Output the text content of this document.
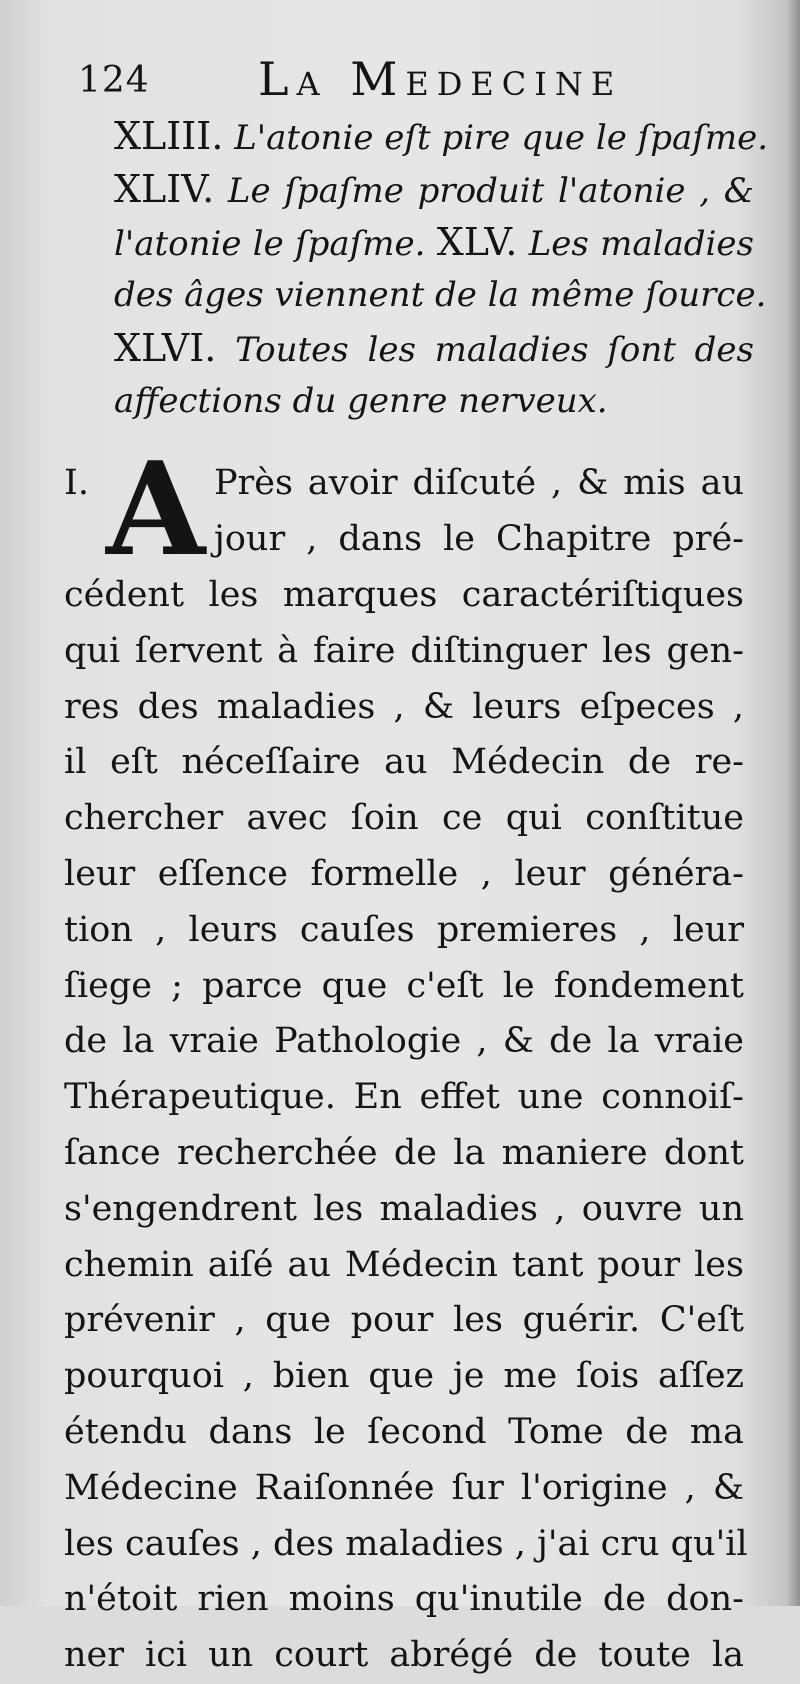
124 La Medecine
XLIII. L'atonie eſt pire que le ſpaſme.
XLIV. Le ſpaſme produit l'atonie , &
l'atonie le ſpaſme. XLV. Les maladies
des âges viennent de la même ſource.
XLVI. Toutes les maladies ſont des
affections du genre nerveux.
I. A Près avoir diſcuté , & mis au
jour , dans le Chapitre pré-
cédent les marques caractériſtiques
qui ſervent à faire diſtinguer les gen-
res des maladies , & leurs eſpeces ,
il eſt néceſſaire au Médecin de re-
chercher avec ſoin ce qui conſtitue
leur eſſence formelle , leur généra-
tion , leurs cauſes premieres , leur
ſiege ; parce que c'eſt le fondement
de la vraie Pathologie , & de la vraie
Thérapeutique. En effet une connoiſ-
ſance recherchée de la maniere dont
s'engendrent les maladies , ouvre un
chemin aiſé au Médecin tant pour les
prévenir , que pour les guérir. C'eſt
pourquoi , bien que je me ſois aſſez
étendu dans le ſecond Tome de ma
Médecine Raiſonnée ſur l'origine , &
les cauſes , des maladies , j'ai cru qu'il
n'étoit rien moins qu'inutile de don-
ner ici un court abrégé de toute la
